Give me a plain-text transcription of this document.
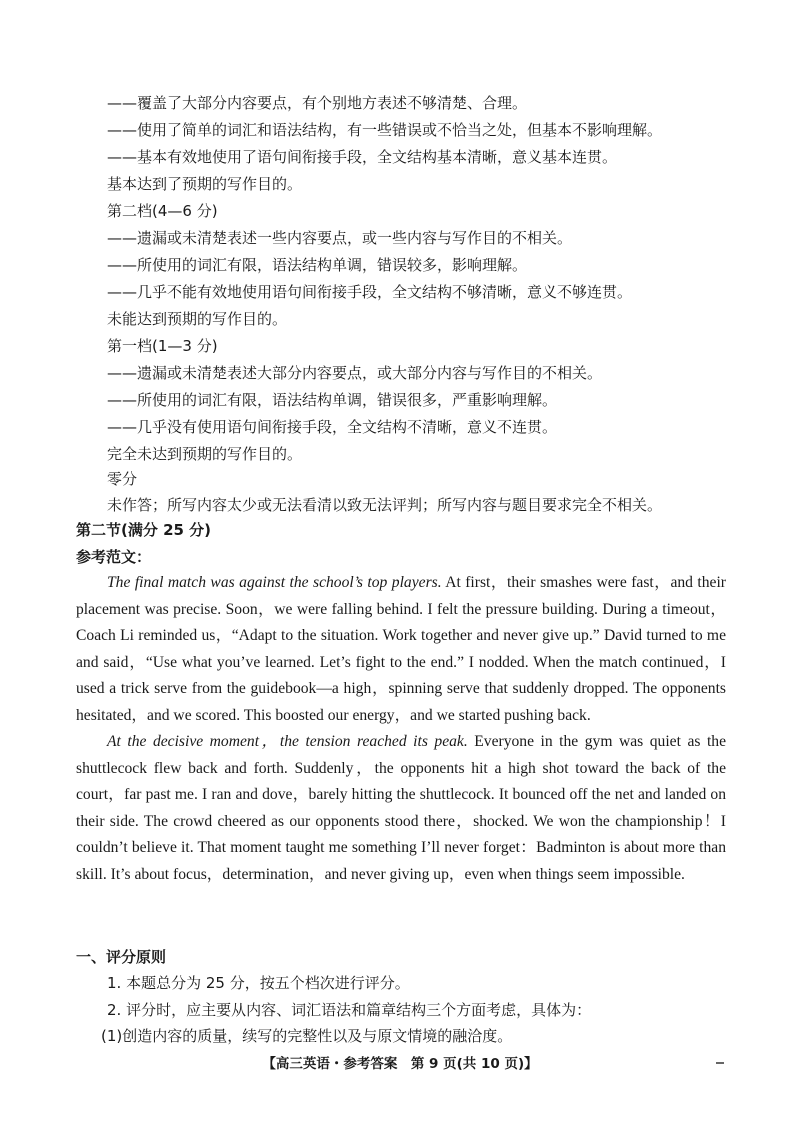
——覆盖了大部分内容要点，有个别地方表述不够清楚、合理。
——使用了简单的词汇和语法结构，有一些错误或不恰当之处，但基本不影响理解。
——基本有效地使用了语句间衔接手段，全文结构基本清晰，意义基本连贯。
基本达到了预期的写作目的。
第二档(4—6 分)
——遗漏或未清楚表述一些内容要点，或一些内容与写作目的不相关。
——所使用的词汇有限，语法结构单调，错误较多，影响理解。
——几乎不能有效地使用语句间衔接手段，全文结构不够清晰，意义不够连贯。
未能达到预期的写作目的。
第一档(1—3 分)
——遗漏或未清楚表述大部分内容要点，或大部分内容与写作目的不相关。
——所使用的词汇有限，语法结构单调，错误很多，严重影响理解。
——几乎没有使用语句间衔接手段，全文结构不清晰，意义不连贯。
完全未达到预期的写作目的。
零分
未作答；所写内容太少或无法看清以致无法评判；所写内容与题目要求完全不相关。
第二节(满分 25 分)
参考范文：

The final match was against the school’s top players. At first，their smashes were fast，and their placement was precise. Soon，we were falling behind. I felt the pressure building. During a timeout，Coach Li reminded us，“Adapt to the situation. Work together and never give up.” David turned to me and said，“Use what you’ve learned. Let’s fight to the end.” I nodded. When the match continued，I used a trick serve from the guidebook—a high，spinning serve that suddenly dropped. The opponents hesitated，and we scored. This boosted our energy，and we started pushing back.

At the decisive moment，the tension reached its peak. Everyone in the gym was quiet as the shuttlecock flew back and forth. Suddenly，the opponents hit a high shot toward the back of the court，far past me. I ran and dove，barely hitting the shuttlecock. It bounced off the net and landed on their side. The crowd cheered as our opponents stood there，shocked. We won the championship！I couldn’t believe it. That moment taught me something I’ll never forget：Badminton is about more than skill. It’s about focus，determination，and never giving up，even when things seem impossible.

一、评分原则
1. 本题总分为 25 分，按五个档次进行评分。
2. 评分时，应主要从内容、词汇语法和篇章结构三个方面考虑，具体为：
(1)创造内容的质量，续写的完整性以及与原文情境的融洽度。
【高三英语・参考答案　第 9 页(共 10 页)】
